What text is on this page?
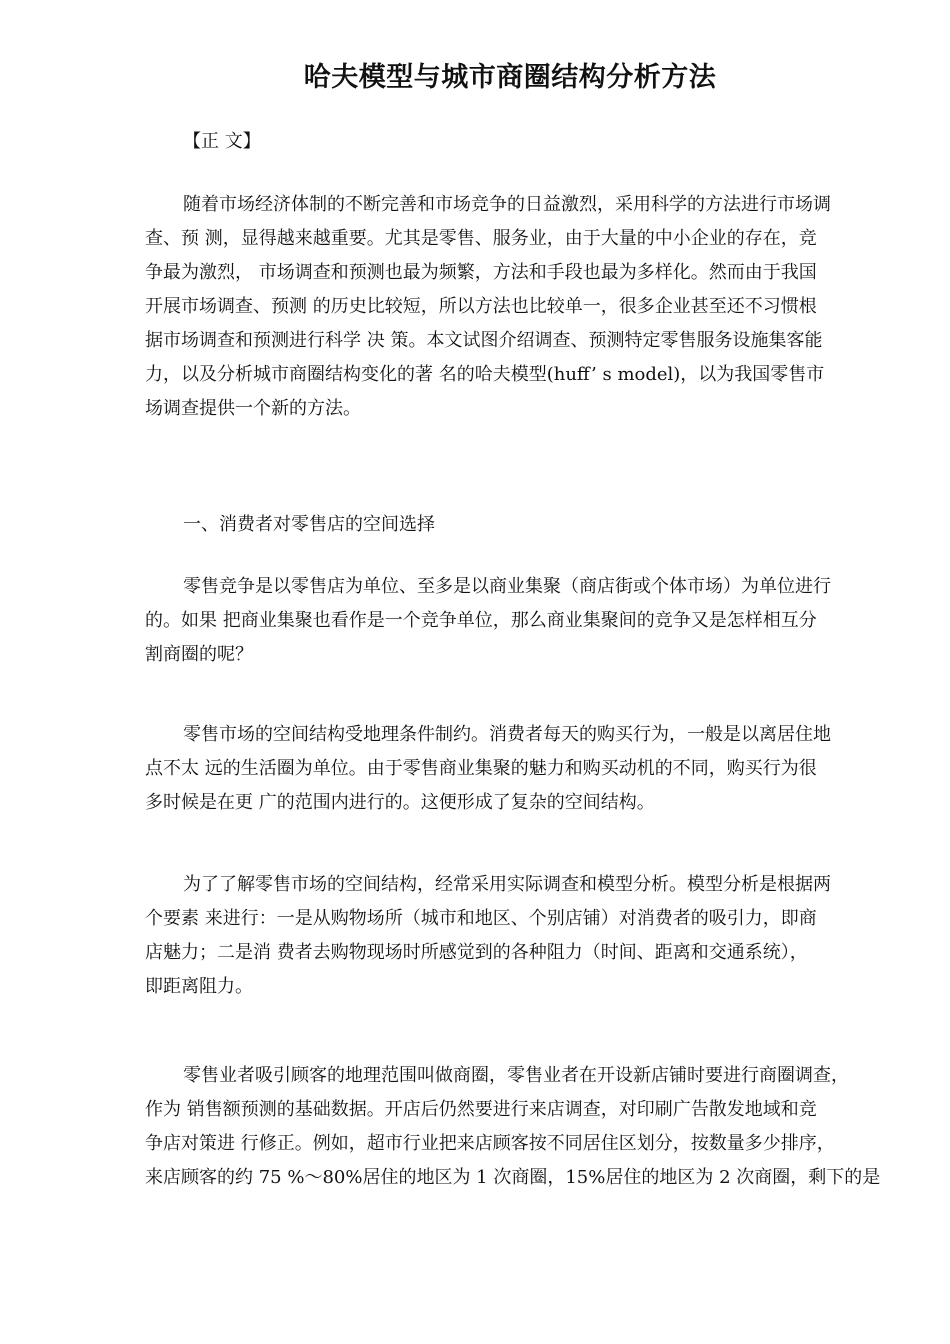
哈夫模型与城市商圈结构分析方法
【正 文】
随着市场经济体制的不断完善和市场竞争的日益激烈，采用科学的方法进行市场调
查、预 测，显得越来越重要。尤其是零售、服务业，由于大量的中小企业的存在，竞
争最为激烈， 市场调查和预测也最为频繁，方法和手段也最为多样化。然而由于我国
开展市场调查、预测 的历史比较短，所以方法也比较单一，很多企业甚至还不习惯根
据市场调查和预测进行科学 决 策。本文试图介绍调查、预测特定零售服务设施集客能
力，以及分析城市商圈结构变化的著 名的哈夫模型(huff’ s model)，以为我国零售市
场调查提供一个新的方法。
一、消费者对零售店的空间选择
零售竞争是以零售店为单位、至多是以商业集聚（商店街或个体市场）为单位进行
的。如果 把商业集聚也看作是一个竞争单位，那么商业集聚间的竞争又是怎样相互分
割商圈的呢？
零售市场的空间结构受地理条件制约。消费者每天的购买行为，一般是以离居住地
点不太 远的生活圈为单位。由于零售商业集聚的魅力和购买动机的不同，购买行为很
多时候是在更 广的范围内进行的。这便形成了复杂的空间结构。
为了了解零售市场的空间结构，经常采用实际调查和模型分析。模型分析是根据两
个要素 来进行：一是从购物场所（城市和地区、个别店铺）对消费者的吸引力，即商
店魅力；二是消 费者去购物现场时所感觉到的各种阻力（时间、距离和交通系统），
即距离阻力。
零售业者吸引顾客的地理范围叫做商圈，零售业者在开设新店铺时要进行商圈调查，
作为 销售额预测的基础数据。开店后仍然要进行来店调查，对印刷广告散发地域和竞
争店对策进 行修正。例如，超市行业把来店顾客按不同居住区划分，按数量多少排序，
来店顾客的约 75 %～80%居住的地区为 1 次商圈，15%居住的地区为 2 次商圈，剩下的是
